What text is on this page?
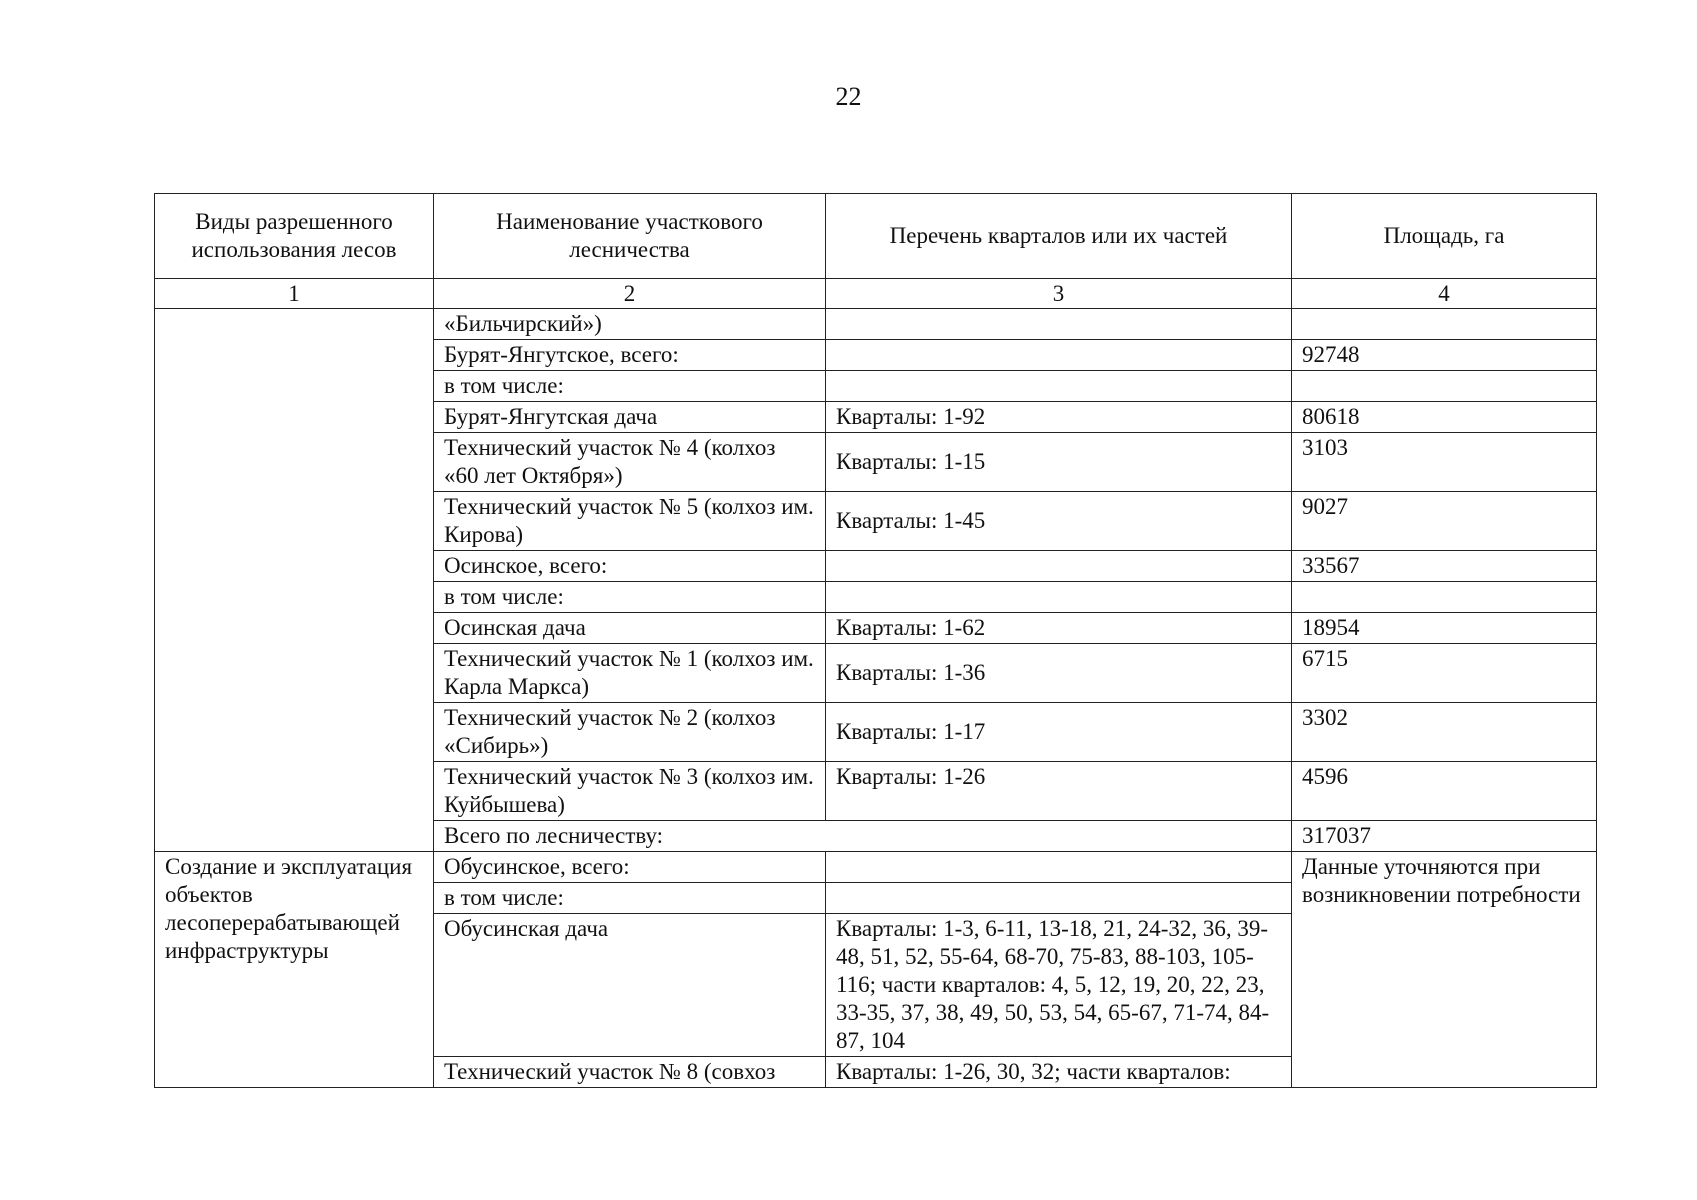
22
Виды разрешенного использования лесов	Наименование участкового лесничества	Перечень кварталов или их частей	Площадь, га
1	2	3	4
	«Бильчирский»)		
	Бурят-Янгутское, всего:		92748
	в том числе:		
	Бурят-Янгутская дача	Кварталы: 1-92	80618
	Технический участок № 4 (колхоз «60 лет Октября»)	Кварталы: 1-15	3103
	Технический участок № 5 (колхоз им. Кирова)	Кварталы: 1-45	9027
	Осинское, всего:		33567
	в том числе:		
	Осинская дача	Кварталы: 1-62	18954
	Технический участок № 1 (колхоз им. Карла Маркса)	Кварталы: 1-36	6715
	Технический участок № 2 (колхоз «Сибирь»)	Кварталы: 1-17	3302
	Технический участок № 3 (колхоз им. Куйбышева)	Кварталы: 1-26	4596
	Всего по лесничеству:		317037
Создание и эксплуатация объектов лесоперерабатывающей инфраструктуры	Обусинское, всего:		Данные уточняются при возникновении потребности
	в том числе:		
	Обусинская дача	Кварталы: 1-3, 6-11, 13-18, 21, 24-32, 36, 39-48, 51, 52, 55-64, 68-70, 75-83, 88-103, 105-116; части кварталов: 4, 5, 12, 19, 20, 22, 23, 33-35, 37, 38, 49, 50, 53, 54, 65-67, 71-74, 84-87, 104	
	Технический участок № 8 (совхоз	Кварталы: 1-26, 30, 32; части кварталов:	
